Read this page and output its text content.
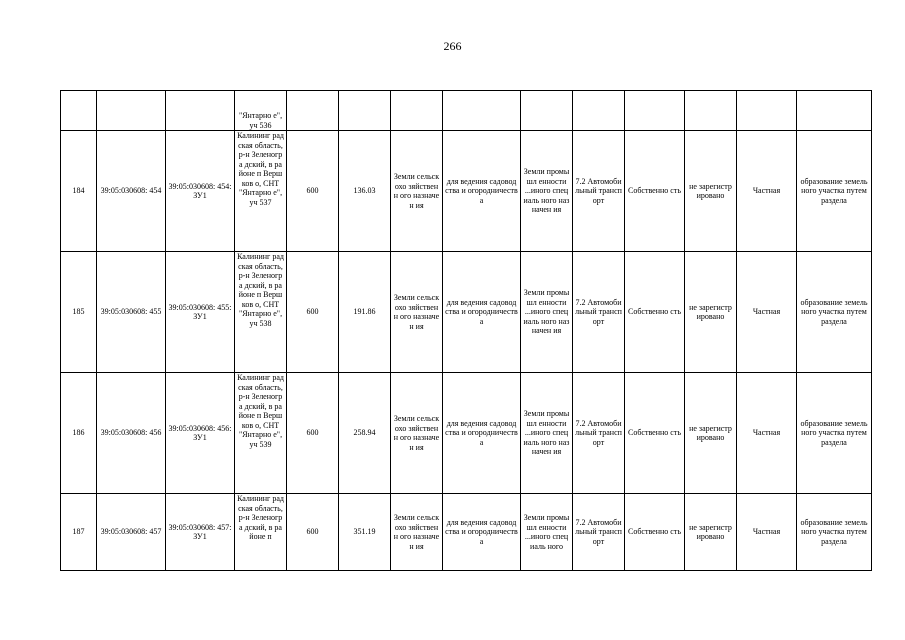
266

			"Янтарно е", уч 536										

184	39:05:030608: 454	39:05:030608: 454:ЗУ1	Калининг радская область, р-н Зеленогра дский, в районе п Вершков о, СНТ "Янтарно е", уч 537	600	136.03	Земли сельскохо зяйственн ого назначен ия	для ведения садоводства и огородничеств а	Земли промышл енности ...иного специаль ного назначен ия	7.2 Автомоби льный транспорт	Собственно сть	не зарегистр ировано	Частная	образование земельного участка путем раздела
185	39:05:030608: 455	39:05:030608: 455:ЗУ1	Калининг радская область, р-н Зеленогра дский, в районе п Вершков о, СНТ "Янтарно е", уч 538	600	191.86	Земли сельскохо зяйственн ого назначен ия	для ведения садоводства и огородничеств а	Земли промышл енности ...иного специаль ного назначен ия	7.2 Автомоби льный транспорт	Собственно сть	не зарегистр ировано	Частная	образование земельного участка путем раздела
186	39:05:030608: 456	39:05:030608: 456:ЗУ1	Калининг радская область, р-н Зеленогра дский, в районе п Вершков о, СНТ "Янтарно е", уч 539	600	258.94	Земли сельскохо зяйственн ого назначен ия	для ведения садоводства и огородничеств а	Земли промышл енности ...иного специаль ного назначен ия	7.2 Автомоби льный транспорт	Собственно сть	не зарегистр ировано	Частная	образование земельного участка путем раздела
187	39:05:030608: 457	39:05:030608: 457:ЗУ1	Калининг радская область, р-н Зеленогра дский, в районе п	600	351.19	Земли сельскохо зяйственн ого назначен ия	для ведения садоводства и огородничеств а	Земли промышл енности ...иного специаль ного	7.2 Автомоби льный транспорт	Собственно сть	не зарегистр ировано	Частная	образование земельного участка путем раздела
